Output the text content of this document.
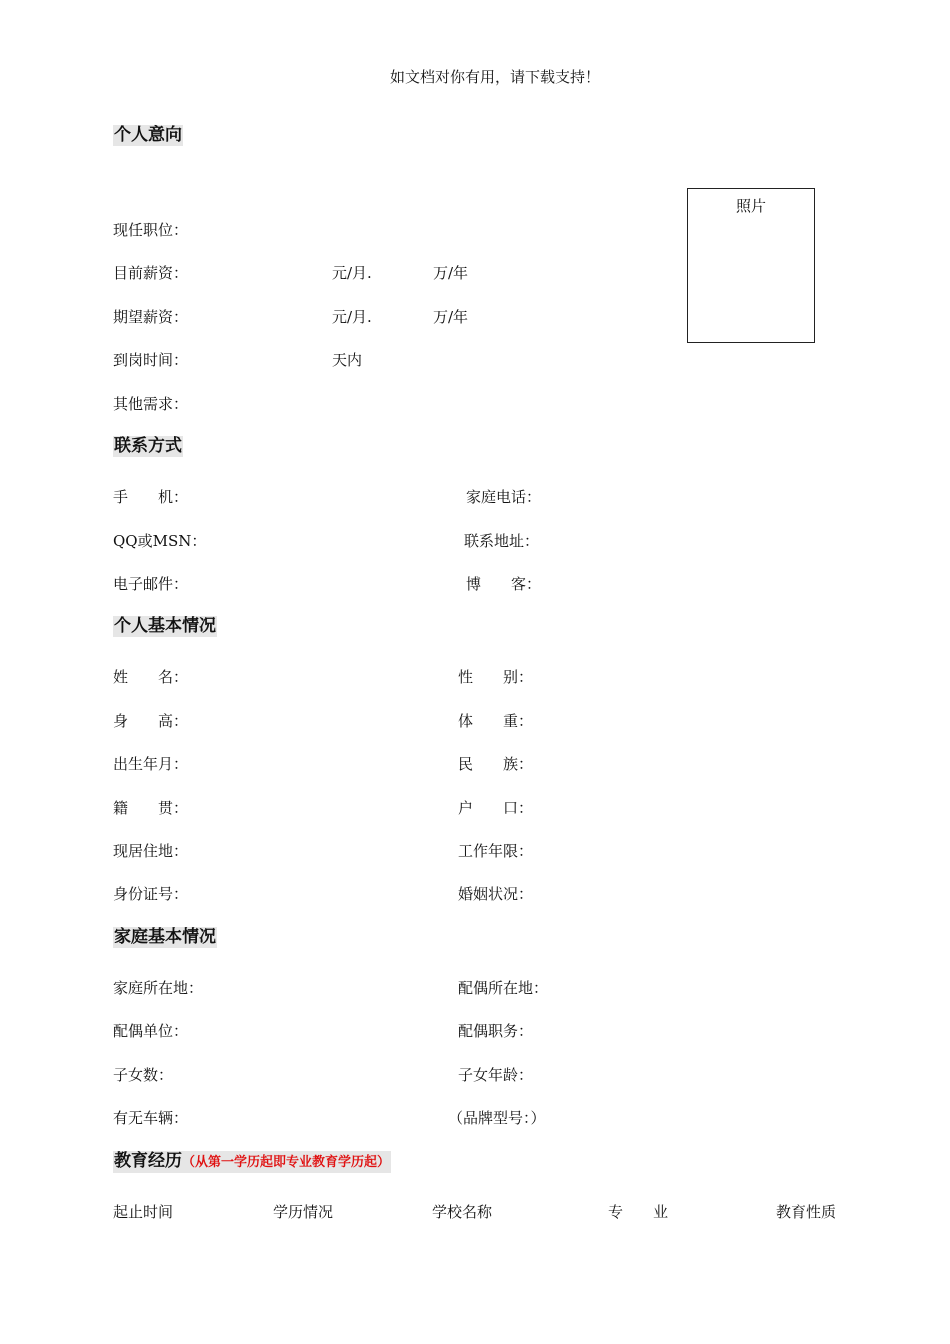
如文档对你有用，请下载支持！
个人意向
照片
现任职位：
目前薪资：	元/月.	万/年
期望薪资：	元/月.	万/年
到岗时间：	天内
其他需求：
联系方式
手　　机：	家庭电话：
QQ或MSN：	联系地址：
电子邮件：	博　　客：
个人基本情况
姓　　名：	性　　别：
身　　高：	体　　重：
出生年月：	民　　族：
籍　　贯：	户　　口：
现居住地：	工作年限：
身份证号：	婚姻状况：
家庭基本情况
家庭所在地：	配偶所在地：
配偶单位：	配偶职务：
子女数：	子女年龄：
有无车辆：	（品牌型号：）
教育经历（从第一学历起即专业教育学历起）
起止时间	学历情况	学校名称	专　　业	教育性质
